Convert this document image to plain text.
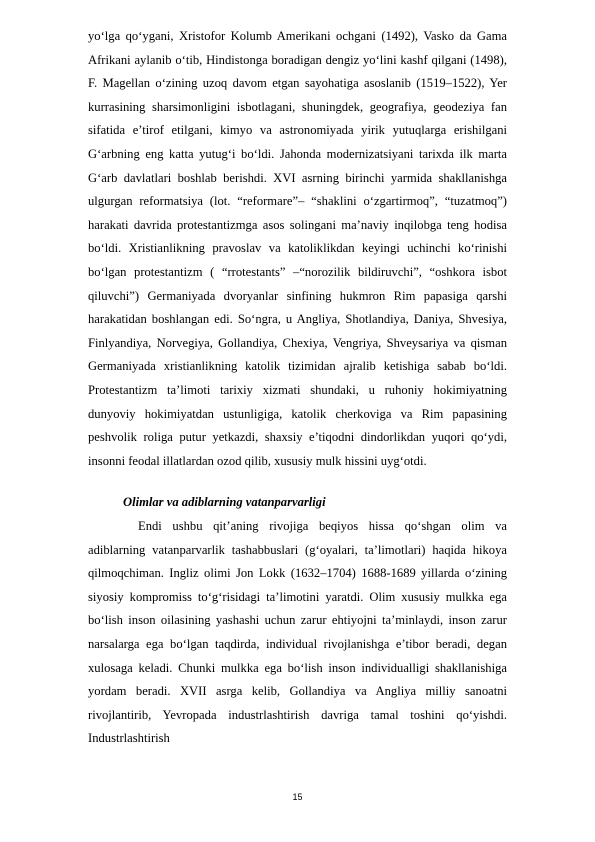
yo‘lga qo‘ygani, Xristofor Kolumb Amerikani ochgani (1492), Vasko da Gama Afrikani aylanib o‘tib, Hindistonga boradigan dengiz yo‘lini kashf qilgani (1498), F. Magellan o‘zining uzoq davom etgan sayohatiga asoslanib (1519–1522), Yer kurrasining sharsimonligini isbotlagani, shuningdek, geografiya, geodeziya fan sifatida e’tirof etilgani, kimyo va astronomiyada yirik yutuqlarga erishilgani G‘arbning eng katta yutug‘i bo‘ldi. Jahonda modernizatsiyani tarixda ilk marta G‘arb davlatlari boshlab berishdi. XVI asrning birinchi yarmida shakllanishga ulgurgan reformatsiya (lot. “reformare”– “shaklini o‘zgartirmoq”, “tuzatmoq”) harakati davrida protestantizmga asos solingani ma’naviy inqilobga teng hodisa bo‘ldi. Xristianlikning pravoslav va katoliklikdan keyingi uchinchi ko‘rinishi bo‘lgan protestantizm ( “rrotestants” –“norozilik bildiruvchi”, “oshkora isbot qiluvchi”) Germaniyada dvoryanlar sinfining hukmron Rim papasiga qarshi harakatidan boshlangan edi. So‘ngra, u Angliya, Shotlandiya, Daniya, Shvesiya, Finlyandiya, Norvegiya, Gollandiya, Chexiya, Vengriya, Shveysariya va qisman Germaniyada xristianlikning katolik tizimidan ajralib ketishiga sabab bo‘ldi. Protestantizm ta’limoti tarixiy xizmati shundaki, u ruhoniy hokimiyatning dunyoviy hokimiyatdan ustunligiga, katolik cherkoviga va Rim papasining peshvolik roliga putur yetkazdi, shaxsiy e’tiqodni dindorlikdan yuqori qo‘ydi, insonni feodal illatlardan ozod qilib, xususiy mulk hissini uyg‘otdi.

Olimlar va adiblarning vatanparvarligi

Endi ushbu qit’aning rivojiga beqiyos hissa qo‘shgan olim va adiblarning vatanparvarlik tashabbuslari (g‘oyalari, ta’limotlari) haqida hikoya qilmoqchiman. Ingliz olimi Jon Lokk (1632–1704) 1688-1689 yillarda o‘zining siyosiy kompromiss to‘g‘risidagi ta’limotini yaratdi. Olim xususiy mulkka ega bo‘lish inson oilasining yashashi uchun zarur ehtiyojni ta’minlaydi, inson zarur narsalarga ega bo‘lgan taqdirda, individual rivojlanishga e’tibor beradi, degan xulosaga keladi. Chunki mulkka ega bo‘lish inson individualligi shakllanishiga yordam beradi. XVII asrga kelib, Gollandiya va Angliya milliy sanoatni rivojlantirib, Yevropada industrlashtirish davriga tamal toshini qo‘yishdi. Industrlashtirish

15
